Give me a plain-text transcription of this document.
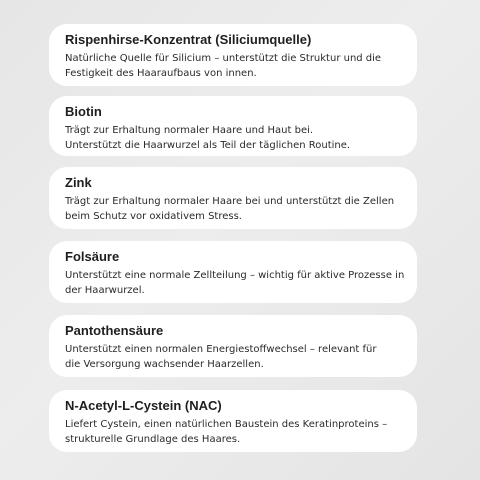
Rispenhirse-Konzentrat (Siliciumquelle)

Natürliche Quelle für Silicium – unterstützt die Struktur und die

Festigkeit des Haaraufbaus von innen.

Biotin

Trägt zur Erhaltung normaler Haare und Haut bei.

Unterstützt die Haarwurzel als Teil der täglichen Routine.

Zink

Trägt zur Erhaltung normaler Haare bei und unterstützt die Zellen

beim Schutz vor oxidativem Stress.

Folsäure

Unterstützt eine normale Zellteilung – wichtig für aktive Prozesse in

der Haarwurzel.

Pantothensäure

Unterstützt einen normalen Energiestoffwechsel – relevant für

die Versorgung wachsender Haarzellen.

N-Acetyl-L-Cystein (NAC)

Liefert Cystein, einen natürlichen Baustein des Keratinproteins –

strukturelle Grundlage des Haares.
